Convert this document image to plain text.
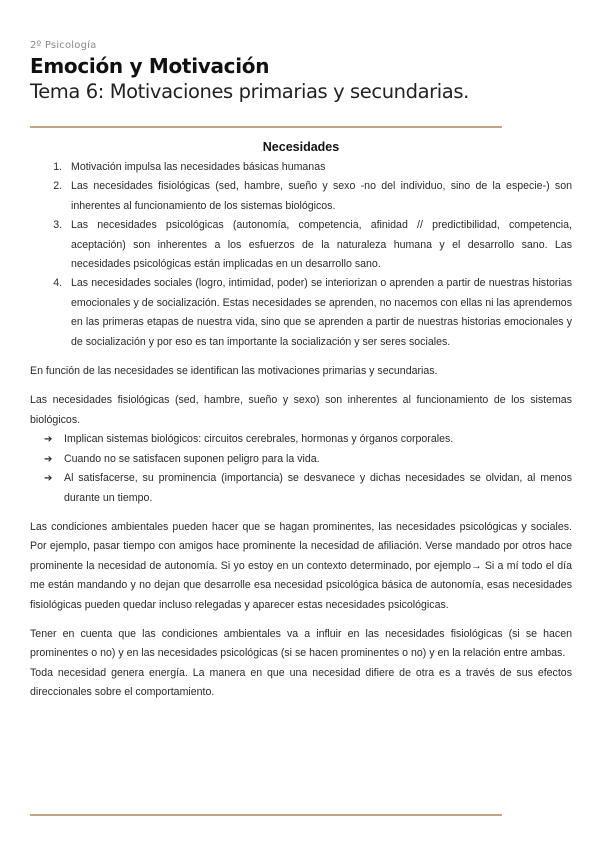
2º Psicología
Emoción y Motivación
Tema 6: Motivaciones primarias y secundarias.
Necesidades
1. Motivación impulsa las necesidades básicas humanas
2. Las necesidades fisiológicas (sed, hambre, sueño y sexo -no del individuo, sino de la especie-) son inherentes al funcionamiento de los sistemas biológicos.
3. Las necesidades psicológicas (autonomía, competencia, afinidad // predictibilidad, competencia, aceptación) son inherentes a los esfuerzos de la naturaleza humana y el desarrollo sano. Las necesidades psicológicas están implicadas en un desarrollo sano.
4. Las necesidades sociales (logro, intimidad, poder) se interiorizan o aprenden a partir de nuestras historias emocionales y de socialización. Estas necesidades se aprenden, no nacemos con ellas ni las aprendemos en las primeras etapas de nuestra vida, sino que se aprenden a partir de nuestras historias emocionales y de socialización y por eso es tan importante la socialización y ser seres sociales.

En función de las necesidades se identifican las motivaciones primarias y secundarias.

Las necesidades fisiológicas (sed, hambre, sueño y sexo) son inherentes al funcionamiento de los sistemas biológicos.

➔ Implican sistemas biológicos: circuitos cerebrales, hormonas y órganos corporales.
➔ Cuando no se satisfacen suponen peligro para la vida.
➔ Al satisfacerse, su prominencia (importancia) se desvanece y dichas necesidades se olvidan, al menos durante un tiempo.

Las condiciones ambientales pueden hacer que se hagan prominentes, las necesidades psicológicas y sociales. Por ejemplo, pasar tiempo con amigos hace prominente la necesidad de afiliación. Verse mandado por otros hace prominente la necesidad de autonomía. Si yo estoy en un contexto determinado, por ejemplo→ Si a mí todo el día me están mandando y no dejan que desarrolle esa necesidad psicológica básica de autonomía, esas necesidades fisiológicas pueden quedar incluso relegadas y aparecer estas necesidades psicológicas.

Tener en cuenta que las condiciones ambientales va a influir en las necesidades fisiológicas (si se hacen prominentes o no) y en las necesidades psicológicas (si se hacen prominentes o no) y en la relación entre ambas.

Toda necesidad genera energía. La manera en que una necesidad difiere de otra es a través de sus efectos direccionales sobre el comportamiento.
